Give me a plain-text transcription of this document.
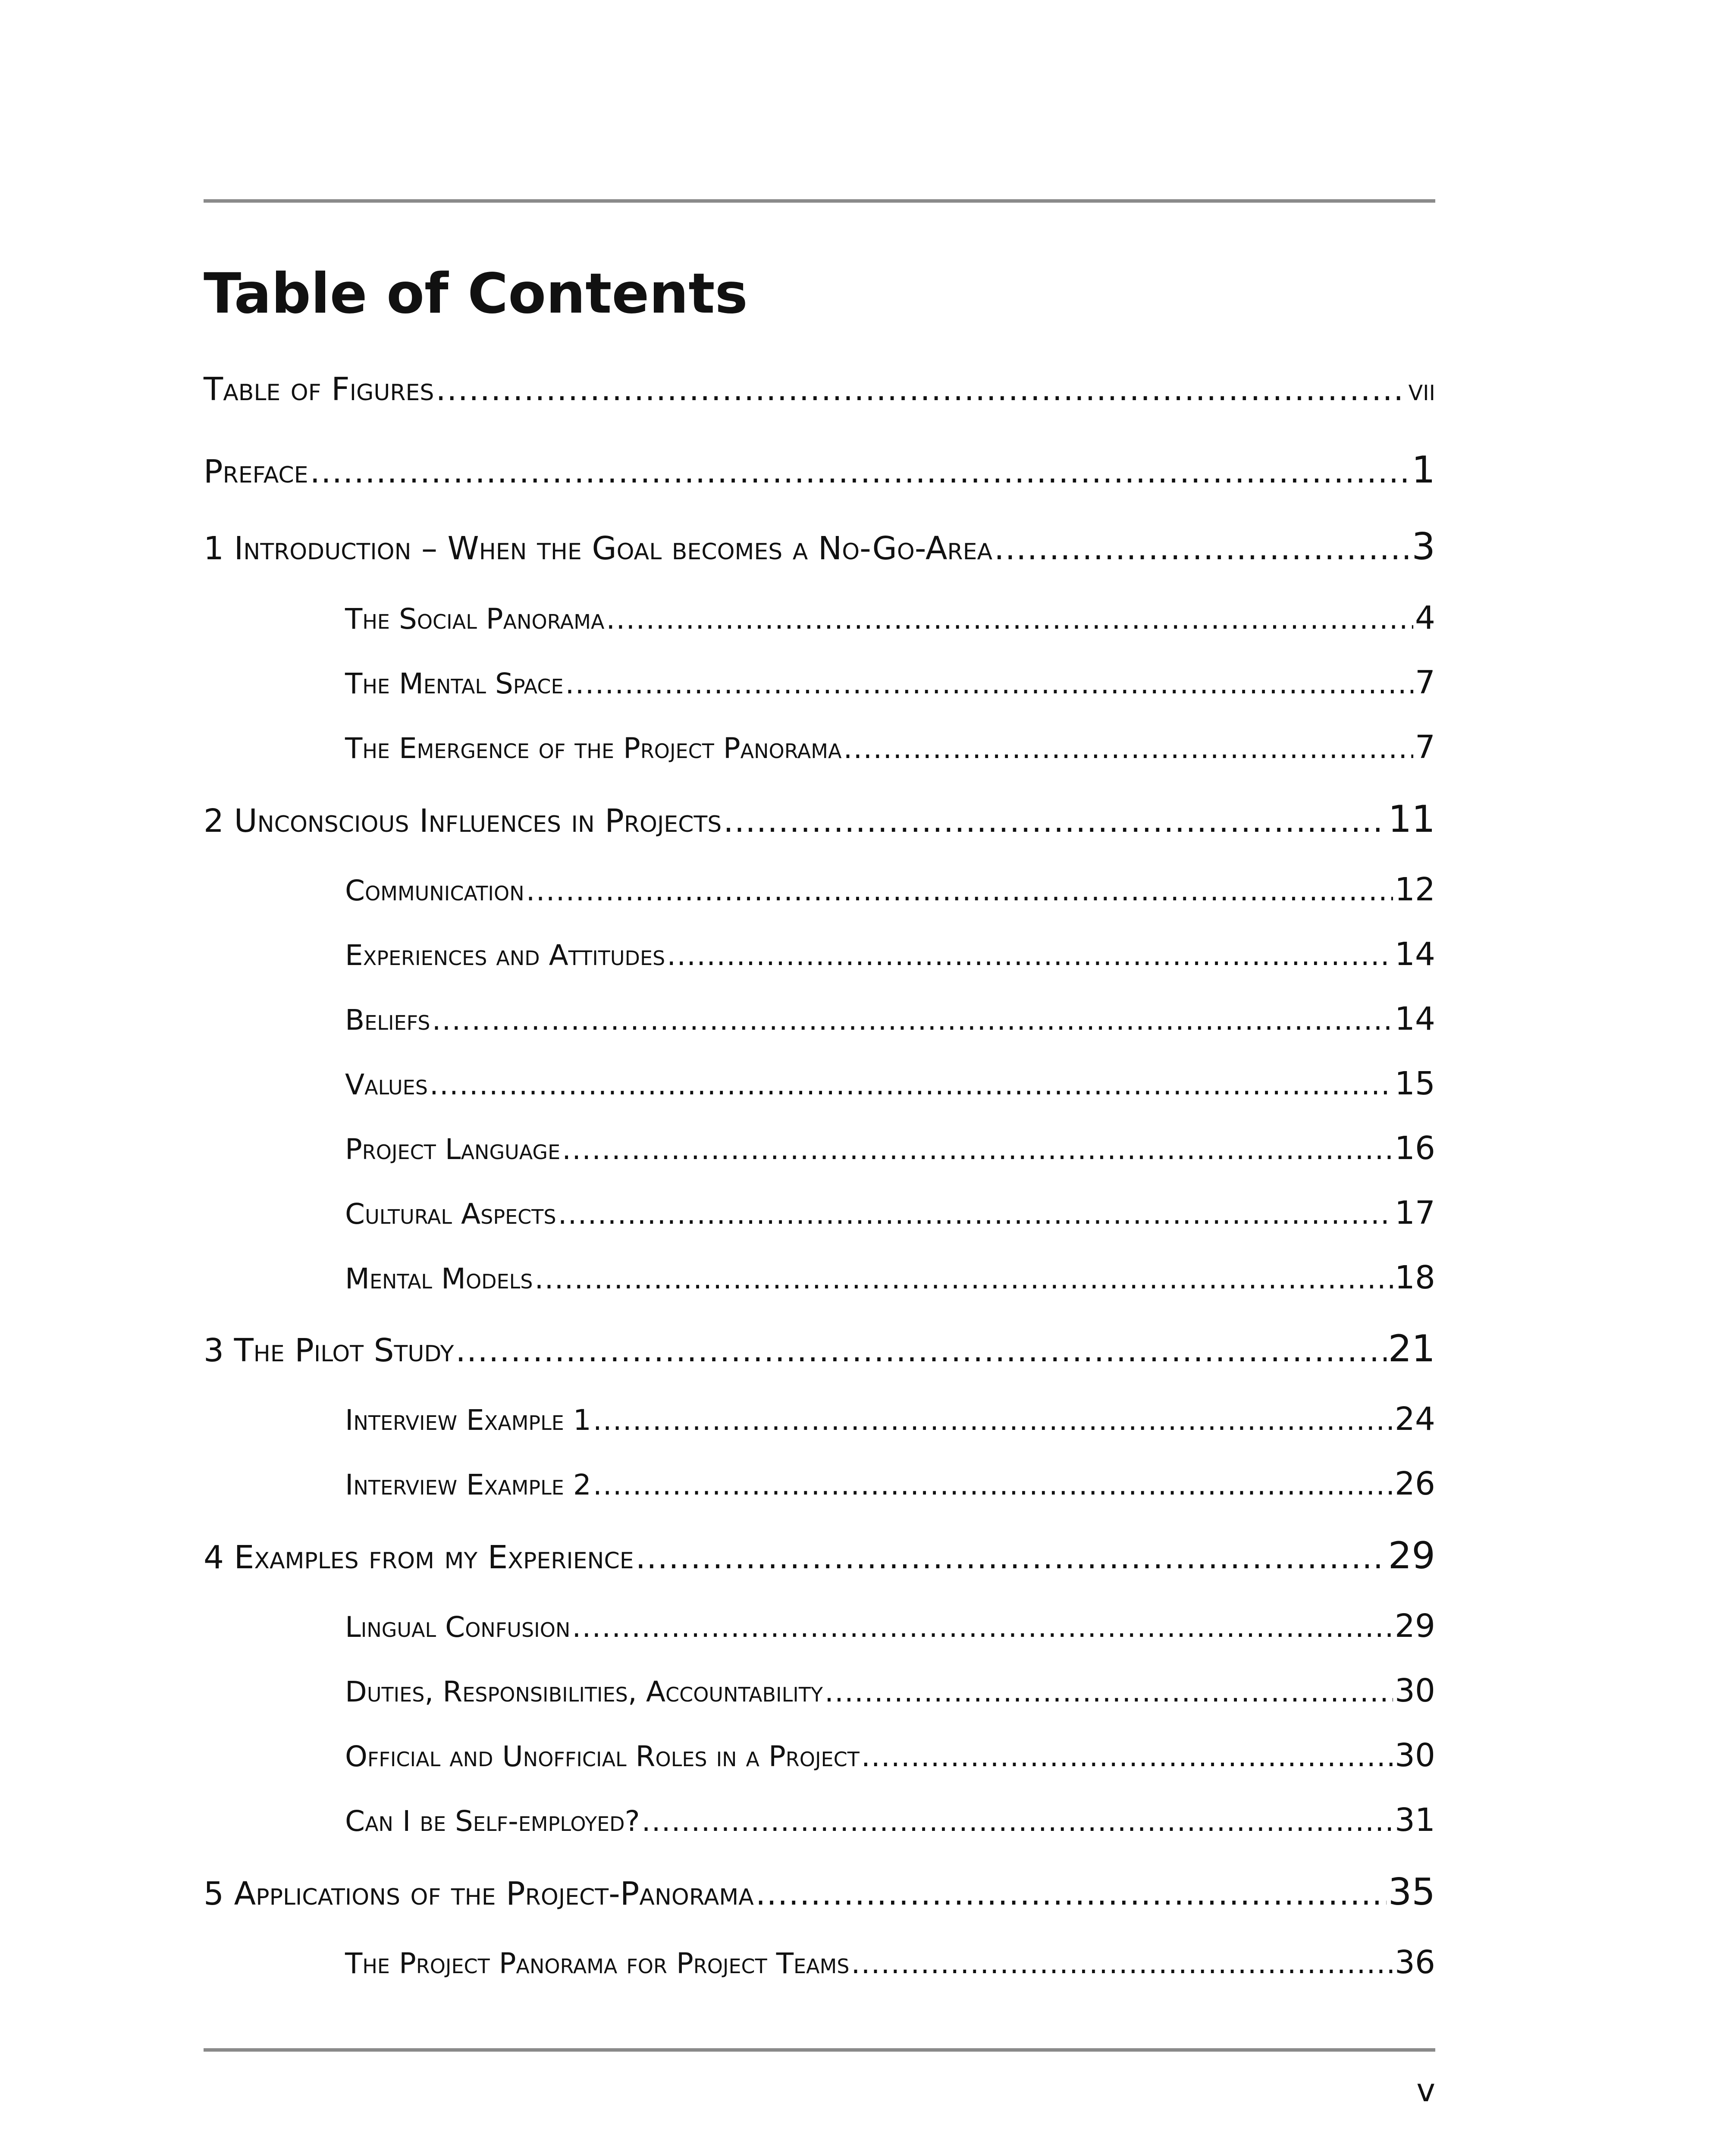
Table of Contents
Table of Figures .....	vii
Preface .....	1
1 Introduction – When the Goal becomes a No-Go-Area .....	3
The Social Panorama .....	4
The Mental Space .....	7
The Emergence of the Project Panorama .....	7
2 Unconscious Influences in Projects .....	11
Communication .....	12
Experiences and Attitudes .....	14
Beliefs .....	14
Values .....	15
Project Language .....	16
Cultural Aspects .....	17
Mental Models .....	18
3 The Pilot Study .....	21
Interview Example 1 .....	24
Interview Example 2 .....	26
4 Examples from my Experience .....	29
Lingual Confusion .....	29
Duties, Responsibilities, Accountability .....	30
Official and Unofficial Roles in a Project .....	30
Can I be Self-employed? .....	31
5 Applications of the Project-Panorama .....	35
The Project Panorama for Project Teams .....	36
v
